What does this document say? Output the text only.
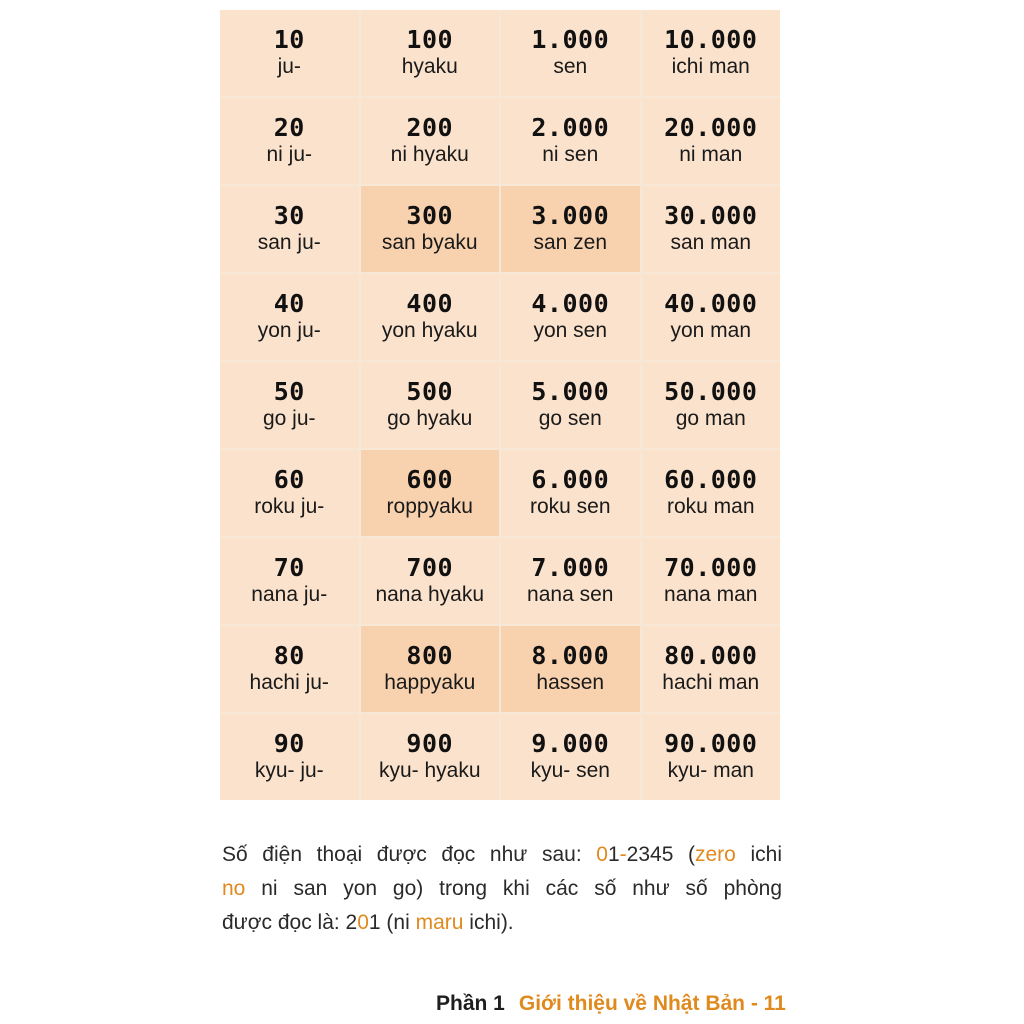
10
ju-
100
hyaku
1.000
sen
10.000
ichi man
20
ni ju-
200
ni hyaku
2.000
ni sen
20.000
ni man
30
san ju-
300
san byaku
3.000
san zen
30.000
san man
40
yon ju-
400
yon hyaku
4.000
yon sen
40.000
yon man
50
go ju-
500
go hyaku
5.000
go sen
50.000
go man
60
roku ju-
600
roppyaku
6.000
roku sen
60.000
roku man
70
nana ju-
700
nana hyaku
7.000
nana sen
70.000
nana man
80
hachi ju-
800
happyaku
8.000
hassen
80.000
hachi man
90
kyu- ju-
900
kyu- hyaku
9.000
kyu- sen
90.000
kyu- man
Số điện thoại được đọc như sau: 01-2345 (zero ichi
no ni san yon go) trong khi các số như số phòng
được đọc là: 201 (ni maru ichi).
Phần 1 Giới thiệu về Nhật Bản - 11
